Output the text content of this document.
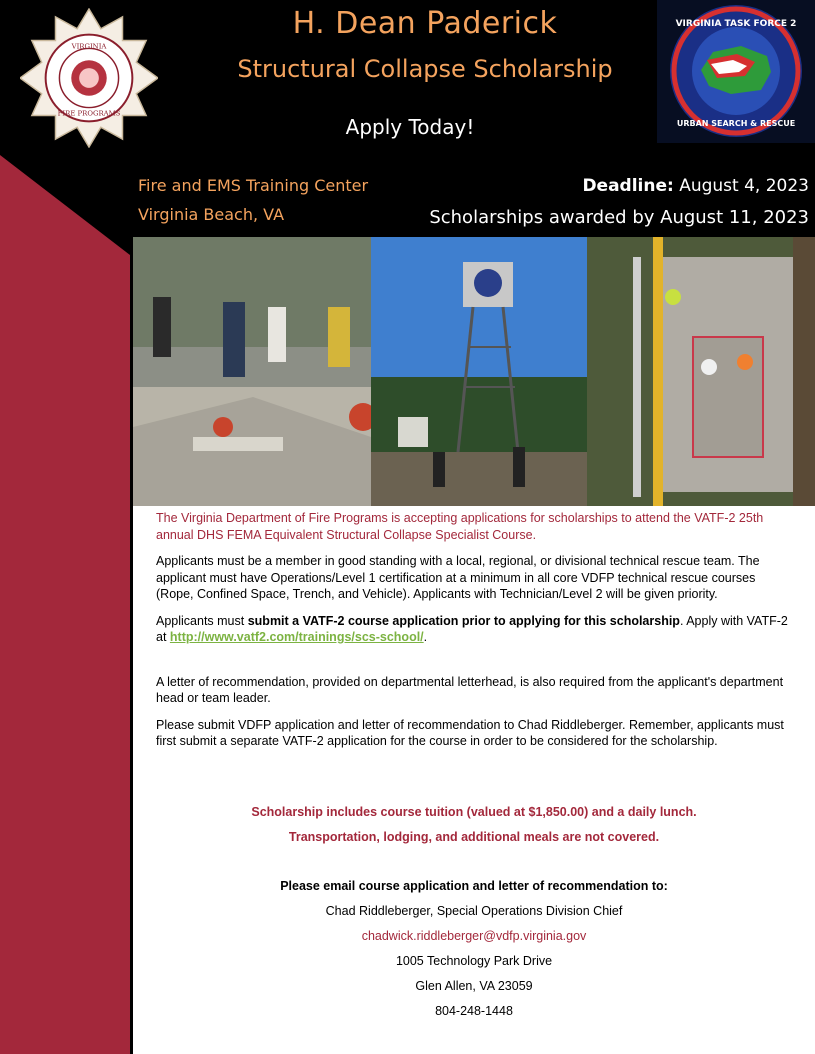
VIRGINIA
FIRE PROGRAMS
VIRGINIA TASK FORCE 2
URBAN SEARCH & RESCUE
H. Dean Paderick
Structural Collapse Scholarship
Apply Today!
Fire and EMS Training Center
Virginia Beach, VA
Deadline: August 4, 2023
Scholarships awarded by August 11, 2023

The Virginia Department of Fire Programs is accepting applications for scholarships to attend the VATF-2 25th annual DHS FEMA Equivalent Structural Collapse Specialist Course.

Applicants must be a member in good standing with a local, regional, or divisional technical rescue team. The applicant must have Operations/Level 1 certification at a minimum in all core VDFP technical rescue courses (Rope, Confined Space, Trench, and Vehicle). Applicants with Technician/Level 2 will be given priority.

Applicants must submit a VATF-2 course application prior to applying for this scholarship. Apply with VATF-2 at http://www.vatf2.com/trainings/scs-school/.

A letter of recommendation, provided on departmental letterhead, is also required from the applicant's department head or team leader.

Please submit VDFP application and letter of recommendation to Chad Riddleberger. Remember, applicants must first submit a separate VATF-2 application for the course in order to be considered for the scholarship.

Scholarship includes course tuition (valued at $1,850.00) and a daily lunch.
Transportation, lodging, and additional meals are not covered.
Please email course application and letter of recommendation to:
Chad Riddleberger, Special Operations Division Chief
chadwick.riddleberger@vdfp.virginia.gov
1005 Technology Park Drive
Glen Allen, VA 23059
804-248-1448
